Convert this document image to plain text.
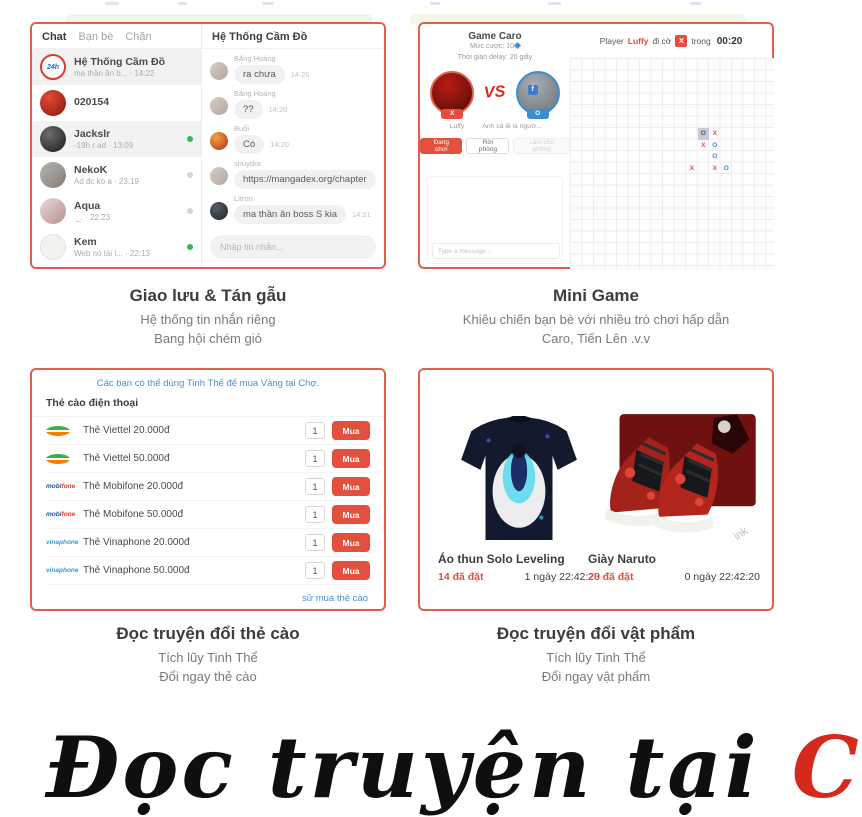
Chat Bạn bè Chặn
24h	Hệ Thống Cầm Đồ
ma thần ăn b... · 14:22
020154
Jackslr
-19h r ad · 13:09
NekoK
Ad đc ko a · 23:19
Aqua
._. · 22:23
Kem
Web nó tải l... · 22:13
Hệ Thống Cầm Đồ
Băng Hoàng
ra chưa	14:20
Băng Hoàng
??	14:20
Buổi
Có	14:20
shuydra
https://mangadex.org/chapter
Litron
ma thần ăn boss S kia	14:21
Nhập tin nhắn...
Game Caro
Mức cược: 10
Thời gian delay: 20 giây
X
VS	f
O
Luffy	Anh cá lẽ là ngườ...
Đang chơi
Rời phòng
Làm chủ phòng
Type a message...
Player Luffy đi cờ X trong 00:20
O	X
X	O
O
X	X	O
Giao lưu & Tán gẫu
Hệ thống tin nhắn riêng
Bang hội chém gió
Mini Game
Khiêu chiến bạn bè với nhiều trò chơi hấp dẫn
Caro, Tiến Lên .v.v
Các bạn có thể dùng Tinh Thể để mua Vàng tại Chợ.
Thẻ cào điện thoại
Thẻ Viettel 20.000đ
1	Mua
Thẻ Viettel 50.000đ
1	Mua
mobifone Thẻ Mobifone 20.000đ
1	Mua
mobifone Thẻ Mobifone 50.000đ
1	Mua
vinaphone Thẻ Vinaphone 20.000đ
1	Mua
vinaphone Thẻ Vinaphone 50.000đ
1	Mua
sử mua thẻ cào
Áo thun Solo Leveling
14 đã đặt	1 ngày 22:42:20
ink
Giày Naruto
25 đã đặt	0 ngày 22:42:20
Đọc truyện đổi thẻ cào
Tích lũy Tinh Thể
Đổi ngay thẻ cào
Đọc truyện đổi vật phẩm
Tích lũy Tinh Thể
Đổi ngay vật phẩm
Đọc truyện tại C
